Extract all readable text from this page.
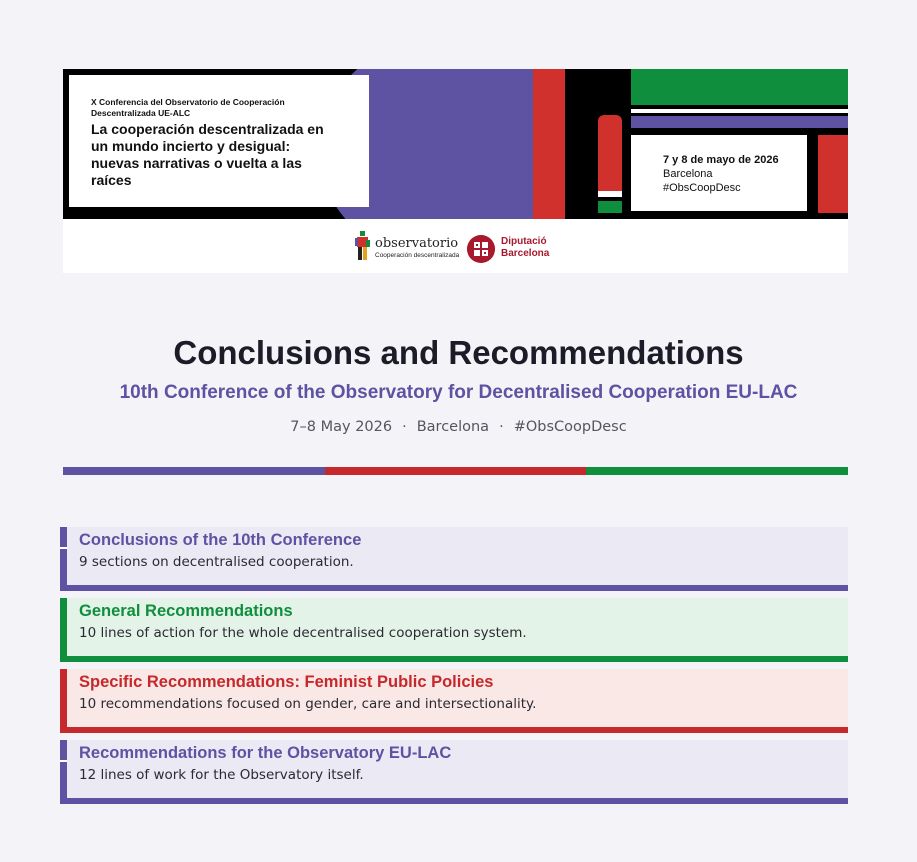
X Conferencia del Observatorio de Cooperación Descentralizada UE-ALC

La cooperación descentralizada en un mundo incierto y desigual: nuevas narrativas o vuelta a las raíces

7 y 8 de mayo de 2026
Barcelona
#ObsCoopDesc
observatorio
Cooperación descentralizada
Diputació
Barcelona
Conclusions and Recommendations
10th Conference of the Observatory for Decentralised Cooperation EU-LAC
7–8 May 2026 · Barcelona · #ObsCoopDesc
Conclusions of the 10th Conference
9 sections on decentralised cooperation.
General Recommendations
10 lines of action for the whole decentralised cooperation system.
Specific Recommendations: Feminist Public Policies
10 recommendations focused on gender, care and intersectionality.
Recommendations for the Observatory EU-LAC
12 lines of work for the Observatory itself.
